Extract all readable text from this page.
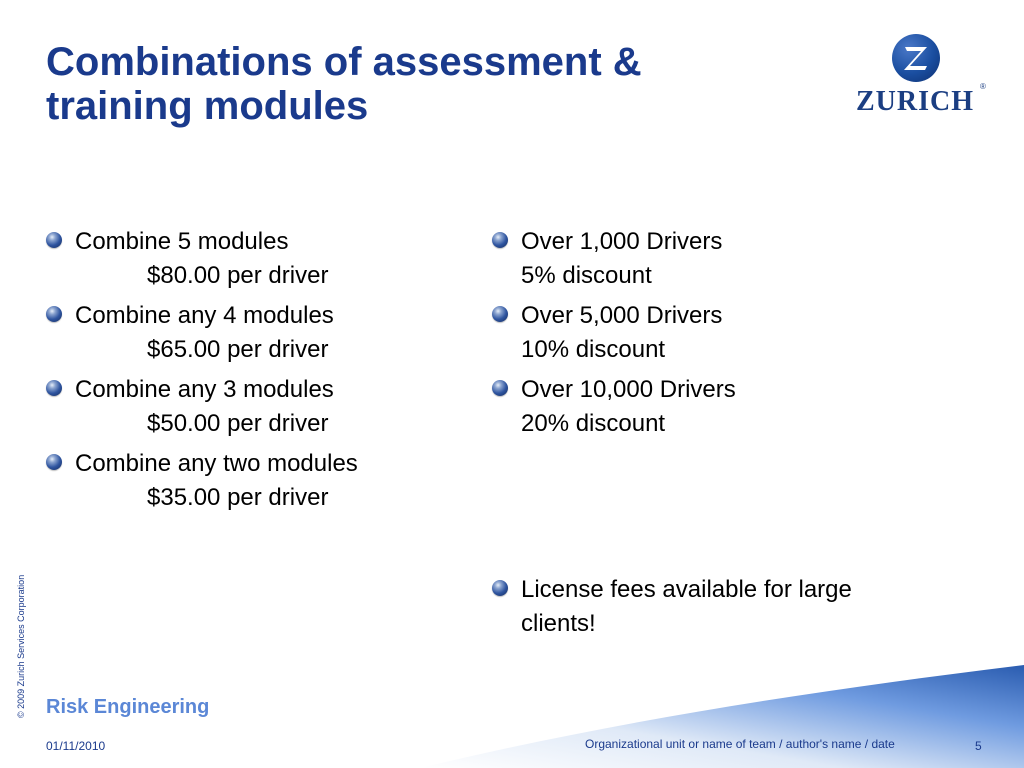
Combinations of assessment &
training modules	ZURICH ®
Combine 5 modules
$80.00 per driver
Combine any 4 modules
$65.00 per driver
Combine any 3 modules
$50.00 per driver
Combine any two modules
$35.00 per driver
Over 1,000 Drivers
5% discount
Over 5,000 Drivers
10% discount
Over 10,000 Drivers
20% discount
License fees available for large
clients!
© 2009 Zurich Services Corporation Risk Engineering
01/11/2010	Organizational unit or name of team / author's name / date	5
